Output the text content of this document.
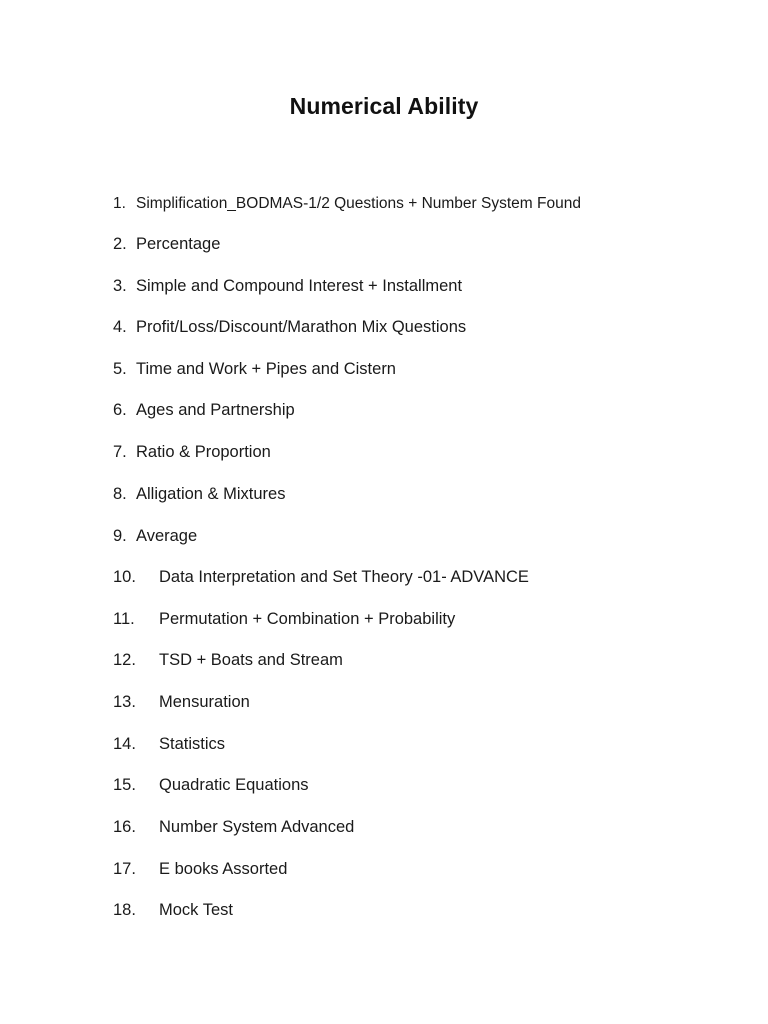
Numerical Ability
1. Simplification_BODMAS-1/2 Questions + Number System Found
2. Percentage
3. Simple and Compound Interest + Installment
4. Profit/Loss/Discount/Marathon Mix Questions
5. Time and Work + Pipes and Cistern
6. Ages and Partnership
7. Ratio & Proportion
8. Alligation & Mixtures
9. Average
10. Data Interpretation and Set Theory -01- ADVANCE
11. Permutation + Combination + Probability
12. TSD + Boats and Stream
13. Mensuration
14. Statistics
15. Quadratic Equations
16. Number System Advanced
17. E books Assorted
18. Mock Test
